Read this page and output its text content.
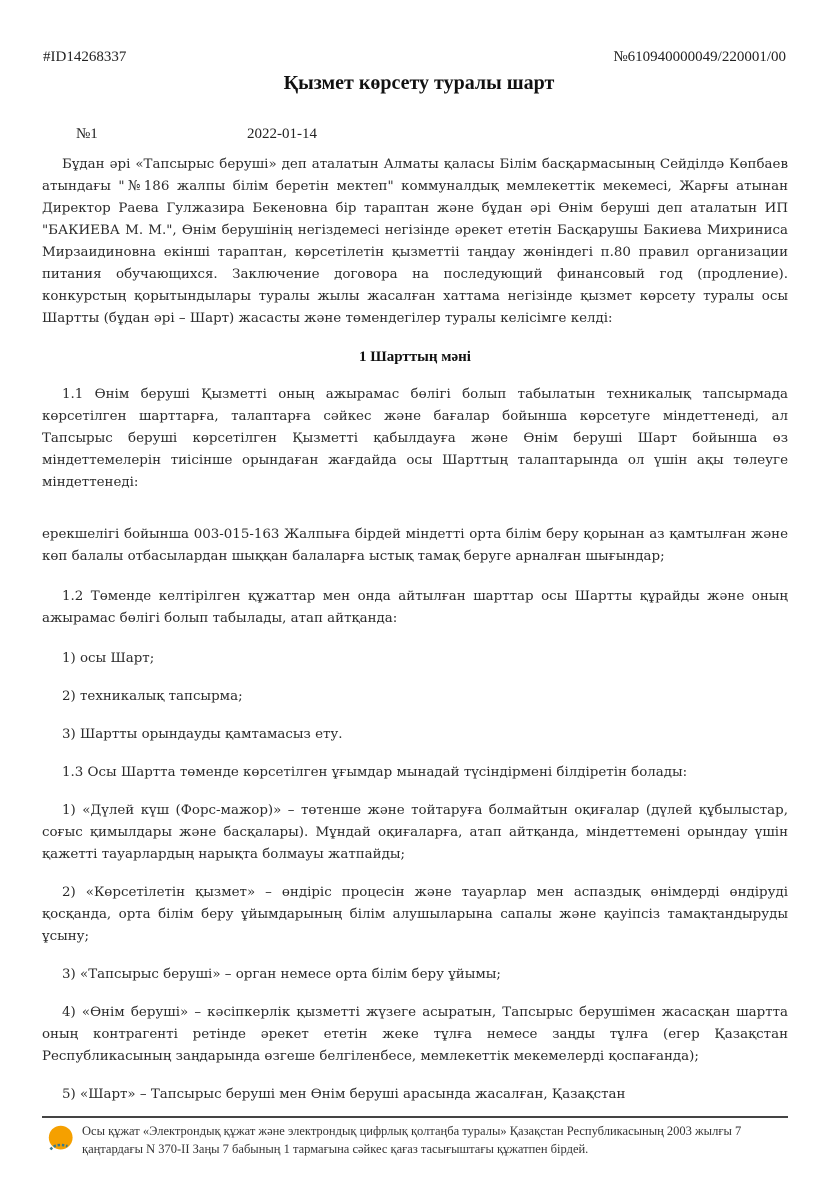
#ID14268337	№610940000049/220001/00
Қызмет көрсету туралы шарт
№1	2022-01-14

Бұдан әрі «Тапсырыс беруші» деп аталатын Алматы қаласы Білім басқармасының Сейділдә Көпбаев атындағы "№186 жалпы білім беретін мектеп" коммуналдық мемлекеттік мекемесі, Жарғы атынан Директор Раева Гулжазира Бекеновна бір тараптан және бұдан әрі Өнім беруші деп аталатын ИП "БАКИЕВА М. М.", Өнім берушінің негіздемесі негізінде әрекет ететін Басқарушы Бакиева Михриниса Мирзаидиновна екінші тараптан, көрсетілетін қызметтіі таңдау жөніндегі п.80 правил организации питания обучающихся. Заключение договора на последующий финансовый год (продление). конкурстың қорытындылары туралы жылы жасалған хаттама негізінде қызмет көрсету туралы осы Шартты (бұдан әрі – Шарт) жасасты және төмендегілер туралы келісімге келді:

1 Шарттың мәні

1.1 Өнім беруші Қызметті оның ажырамас бөлігі болып табылатын техникалық тапсырмада көрсетілген шарттарға, талаптарға сәйкес және бағалар бойынша көрсетуге міндеттенеді, ал Тапсырыс беруші көрсетілген Қызметті қабылдауға және Өнім беруші Шарт бойынша өз міндеттемелерін тиісінше орындаған жағдайда осы Шарттың талаптарында ол үшін ақы төлеуге міндеттенеді:

ерекшелігі бойынша 003-015-163 Жалпыға бірдей міндетті орта білім беру қорынан аз қамтылған және көп балалы отбасылардан шыққан балаларға ыстық тамақ беруге арналған шығындар;

1.2 Төменде келтірілген құжаттар мен онда айтылған шарттар осы Шартты құрайды және оның ажырамас бөлігі болып табылады, атап айтқанда:

1) осы Шарт;

2) техникалық тапсырма;

3) Шартты орындауды қамтамасыз ету.

1.3 Осы Шартта төменде көрсетілген ұғымдар мынадай түсіндірмені білдіретін болады:

1) «Дүлей күш (Форс-мажор)» – төтенше және тойтаруға болмайтын оқиғалар (дүлей құбылыстар, соғыс қимылдары және басқалары). Мұндай оқиғаларға, атап айтқанда, міндеттемені орындау үшін қажетті тауарлардың нарықта болмауы жатпайды;

2) «Көрсетілетін қызмет» – өндіріс процесін және тауарлар мен аспаздық өнімдерді өндіруді қосқанда, орта білім беру ұйымдарының білім алушыларына сапалы және қауіпсіз тамақтандыруды ұсыну;

3) «Тапсырыс беруші» – орган немесе орта білім беру ұйымы;

4) «Өнім беруші» – кәсіпкерлік қызметті жүзеге асыратын, Тапсырыс берушімен жасасқан шартта оның контрагенті ретінде әрекет ететін жеке тұлға немесе заңды тұлға (егер Қазақстан Республикасының заңдарында өзгеше белгіленбесе, мемлекеттік мекемелерді қоспағанда);

5) «Шарт» – Тапсырыс беруші мен Өнім беруші арасында жасалған, Қазақстан

Осы құжат «Электрондық құжат және электрондық цифрлық қолтаңба туралы» Қазақстан Республикасының 2003 жылғы 7 қаңтардағы N 370-II Заңы 7 бабының 1 тармағына сәйкес қағаз тасығыштағы құжатпен бірдей.
